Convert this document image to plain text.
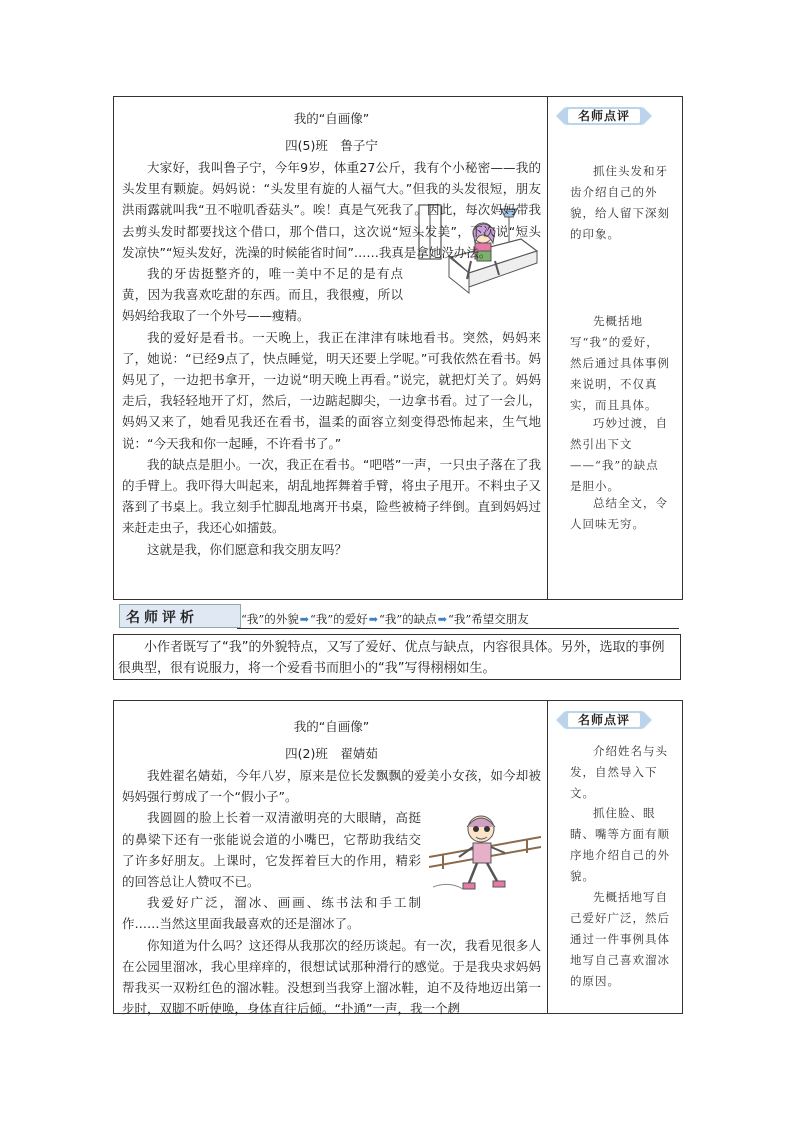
我的“自画像”
四(5)班　鲁子宁

大家好，我叫鲁子宁，今年9岁，体重27公斤，我有个小秘密——我的头发里有颗旋。妈妈说：“头发里有旋的人福气大。”但我的头发很短，朋友洪雨露就叫我“丑不啦叽香菇头”。唉！真是气死我了。因此，每次妈妈带我去剪头发时都要找这个借口，那个借口，这次说“短头发美”，下次说“短头发凉快”“短头发好，洗澡的时候能省时间”……我真是拿她没办法。

我的牙齿挺整齐的，唯一美中不足的是有点黄，因为我喜欢吃甜的东西。而且，我很瘦，所以妈妈给我取了一个外号——瘦精。

我的爱好是看书。一天晚上，我正在津津有味地看书。突然，妈妈来了，她说：“已经9点了，快点睡觉，明天还要上学呢。”可我依然在看书。妈妈见了，一边把书拿开，一边说“明天晚上再看。”说完，就把灯关了。妈妈走后，我轻轻地开了灯，然后，一边踮起脚尖，一边拿书看。过了一会儿，妈妈又来了，她看见我还在看书，温柔的面容立刻变得恐怖起来，生气地说：“今天我和你一起睡，不许看书了。”

我的缺点是胆小。一次，我正在看书。“吧嗒”一声，一只虫子落在了我的手臂上。我吓得大叫起来，胡乱地挥舞着手臂，将虫子甩开。不料虫子又落到了书桌上。我立刻手忙脚乱地离开书桌，险些被椅子绊倒。直到妈妈过来赶走虫子，我还心如擂鼓。

这就是我，你们愿意和我交朋友吗？

名师点评
抓住头发和牙齿介绍自己的外貌，给人留下深刻的印象。
先概括地写“我”的爱好，然后通过具体事例来说明，不仅真实，而且具体。
巧妙过渡，自然引出下文——“我”的缺点是胆小。
总结全文，令人回味无穷。
名师评析	“我”的外貌➡“我”的爱好➡“我”的缺点➡“我”希望交朋友
小作者既写了“我”的外貌特点，又写了爱好、优点与缺点，内容很具体。另外，选取的事例很典型，很有说服力，将一个爱看书而胆小的“我”写得栩栩如生。
我的“自画像”
四(2)班　翟婧茹

我姓翟名婧茹，今年八岁，原来是位长发飘飘的爱美小女孩，如今却被妈妈强行剪成了一个“假小子”。

我圆圆的脸上长着一双清澈明亮的大眼睛，高挺的鼻梁下还有一张能说会道的小嘴巴，它帮助我结交了许多好朋友。上课时，它发挥着巨大的作用，精彩的回答总让人赞叹不已。

我爱好广泛，溜冰、画画、练书法和手工制作……当然这里面我最喜欢的还是溜冰了。

你知道为什么吗？这还得从我那次的经历谈起。有一次，我看见很多人在公园里溜冰，我心里痒痒的，很想试试那种滑行的感觉。于是我央求妈妈帮我买一双粉红色的溜冰鞋。没想到当我穿上溜冰鞋，迫不及待地迈出第一步时，双脚不听使唤，身体直往后倾。“扑通”一声，我一个趔

名师点评
介绍姓名与头发，自然导入下文。
抓住脸、眼睛、嘴等方面有顺序地介绍自己的外貌。
先概括地写自己爱好广泛，然后通过一件事例具体地写自己喜欢溜冰的原因。
